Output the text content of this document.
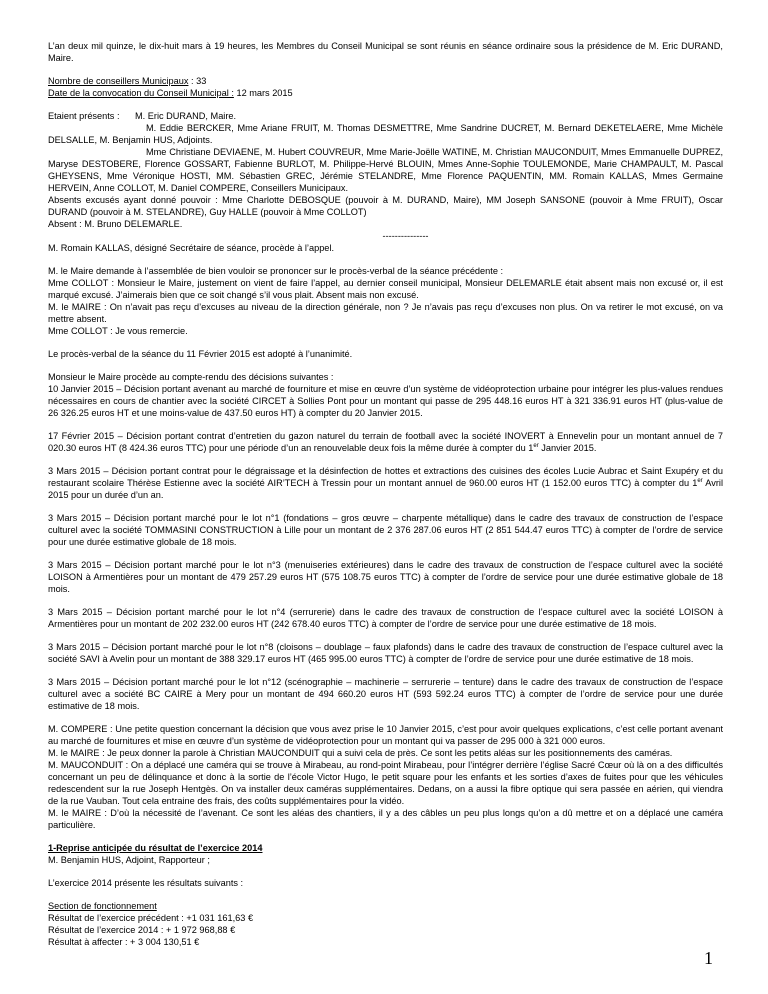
L’an deux mil quinze, le dix-huit mars à 19 heures, les Membres du Conseil Municipal se sont réunis en séance ordinaire sous la présidence de M. Eric DURAND, Maire.

Nombre de conseillers Municipaux : 33

Date de la convocation du Conseil Municipal : 12 mars 2015

Etaient présents : M. Eric DURAND, Maire.

M. Eddie BERCKER, Mme Ariane FRUIT, M. Thomas DESMETTRE, Mme Sandrine DUCRET, M. Bernard DEKETELAERE, Mme Michèle DELSALLE, M. Benjamin HUS, Adjoints.

Mme Christiane DEVIAENE, M. Hubert COUVREUR, Mme Marie-Joëlle WATINE, M. Christian MAUCONDUIT, Mmes Emmanuelle DUPREZ, Maryse DESTOBERE, Florence GOSSART, Fabienne BURLOT, M. Philippe-Hervé BLOUIN, Mmes Anne-Sophie TOULEMONDE, Marie CHAMPAULT, M. Pascal GHEYSENS, Mme Véronique HOSTI, MM. Sébastien GREC, Jérémie STELANDRE, Mme Florence PAQUENTIN, MM. Romain KALLAS, Mmes Germaine HERVEIN, Anne COLLOT, M. Daniel COMPERE, Conseillers Municipaux.

Absents excusés ayant donné pouvoir : Mme Charlotte DEBOSQUE (pouvoir à M. DURAND, Maire), MM Joseph SANSONE (pouvoir à Mme FRUIT), Oscar DURAND (pouvoir à M. STELANDRE), Guy HALLE (pouvoir à Mme COLLOT)

Absent : M. Bruno DELEMARLE.

---------------

M. Romain KALLAS, désigné Secrétaire de séance, procède à l’appel.

M. le Maire demande à l’assemblée de bien vouloir se prononcer sur le procès-verbal de la séance précédente :

Mme COLLOT : Monsieur le Maire, justement on vient de faire l’appel, au dernier conseil municipal, Monsieur DELEMARLE était absent mais non excusé or, il est marqué excusé. J’aimerais bien que ce soit changé s’il vous plait. Absent mais non excusé.

M. le MAIRE : On n’avait pas reçu d’excuses au niveau de la direction générale, non ? Je n’avais pas reçu d’excuses non plus. On va retirer le mot excusé, on va mettre absent.

Mme COLLOT : Je vous remercie.

Le procès-verbal de la séance du 11 Février 2015 est adopté à l’unanimité.

Monsieur le Maire procède au compte-rendu des décisions suivantes :

10 Janvier 2015 – Décision portant avenant au marché de fourniture et mise en œuvre d’un système de vidéoprotection urbaine pour intégrer les plus-values rendues nécessaires en cours de chantier avec la société CIRCET à Sollies Pont pour un montant qui passe de 295 448.16 euros HT à 321 336.91 euros HT (plus-value de 26 326.25 euros HT et une moins-value de 437.50 euros HT) à compter du 20 Janvier 2015.

17 Février 2015 – Décision portant contrat d’entretien du gazon naturel du terrain de football avec la société INOVERT à Ennevelin pour un montant annuel de 7 020.30 euros HT (8 424.36 euros TTC) pour une période d’un an renouvelable deux fois la même durée à compter du 1er Janvier 2015.

3 Mars 2015 – Décision portant contrat pour le dégraissage et la désinfection de hottes et extractions des cuisines des écoles Lucie Aubrac et Saint Exupéry et du restaurant scolaire Thérèse Estienne avec la société AIR’TECH à Tressin pour un montant annuel de 960.00 euros HT (1 152.00 euros TTC) à compter du 1er Avril 2015 pour un durée d’un an.

3 Mars 2015 – Décision portant marché pour le lot n°1 (fondations – gros œuvre – charpente métallique) dans le cadre des travaux de construction de l’espace culturel avec la société TOMMASINI CONSTRUCTION à Lille pour un montant de 2 376 287.06 euros HT (2 851 544.47 euros TTC) à compter de l’ordre de service pour une durée estimative globale de 18 mois.

3 Mars 2015 – Décision portant marché pour le lot n°3 (menuiseries extérieures) dans le cadre des travaux de construction de l’espace culturel avec la société LOISON à Armentières pour un montant de 479 257.29 euros HT (575 108.75 euros TTC) à compter de l’ordre de service pour une durée estimative globale de 18 mois.

3 Mars 2015 – Décision portant marché pour le lot n°4 (serrurerie) dans le cadre des travaux de construction de l’espace culturel avec la société LOISON à Armentières pour un montant de 202 232.00 euros HT (242 678.40 euros TTC) à compter de l’ordre de service pour une durée estimative de 18 mois.

3 Mars 2015 – Décision portant marché pour le lot n°8 (cloisons – doublage – faux plafonds) dans le cadre des travaux de construction de l’espace culturel avec la société SAVI à Avelin pour un montant de 388 329.17 euros HT (465 995.00 euros TTC) à compter de l’ordre de service pour une durée estimative de 18 mois.

3 Mars 2015 – Décision portant marché pour le lot n°12 (scénographie – machinerie – serrurerie – tenture) dans le cadre des travaux de construction de l’espace culturel avec a société BC CAIRE à Mery pour un montant de 494 660.20 euros HT (593 592.24 euros TTC) à compter de l’ordre de service pour une durée estimative de 18 mois.

M. COMPERE : Une petite question concernant la décision que vous avez prise le 10 Janvier 2015, c’est pour avoir quelques explications, c’est celle portant avenant au marché de fournitures et mise en œuvre d’un système de vidéoprotection pour un montant qui va passer de 295 000 à 321 000 euros.

M. le MAIRE : Je peux donner la parole à Christian MAUCONDUIT qui a suivi cela de près. Ce sont les petits aléas sur les positionnements des caméras.

M. MAUCONDUIT : On a déplacé une caméra qui se trouve à Mirabeau, au rond-point Mirabeau, pour l’intégrer derrière l’église Sacré Cœur où là on a des difficultés concernant un peu de délinquance et donc à la sortie de l’école Victor Hugo, le petit square pour les enfants et les sorties d’axes de fuites pour que les véhicules redescendent sur la rue Joseph Hentgès. On va installer deux caméras supplémentaires. Dedans, on a aussi la fibre optique qui sera passée en aérien, qui viendra de la rue Vauban. Tout cela entraine des frais, des coûts supplémentaires pour la vidéo.

M. le MAIRE : D’où la nécessité de l’avenant. Ce sont les aléas des chantiers, il y a des câbles un peu plus longs qu’on a dû mettre et on a déplacé une caméra particulière.

1-Reprise anticipée du résultat de l’exercice 2014

M. Benjamin HUS, Adjoint, Rapporteur ;

L’exercice 2014 présente les résultats suivants :

Section de fonctionnement

Résultat de l’exercice précédent : +1 031 161,63 €

Résultat de l’exercice 2014 : + 1 972 968,88 €

Résultat à affecter : + 3 004 130,51 €

1
